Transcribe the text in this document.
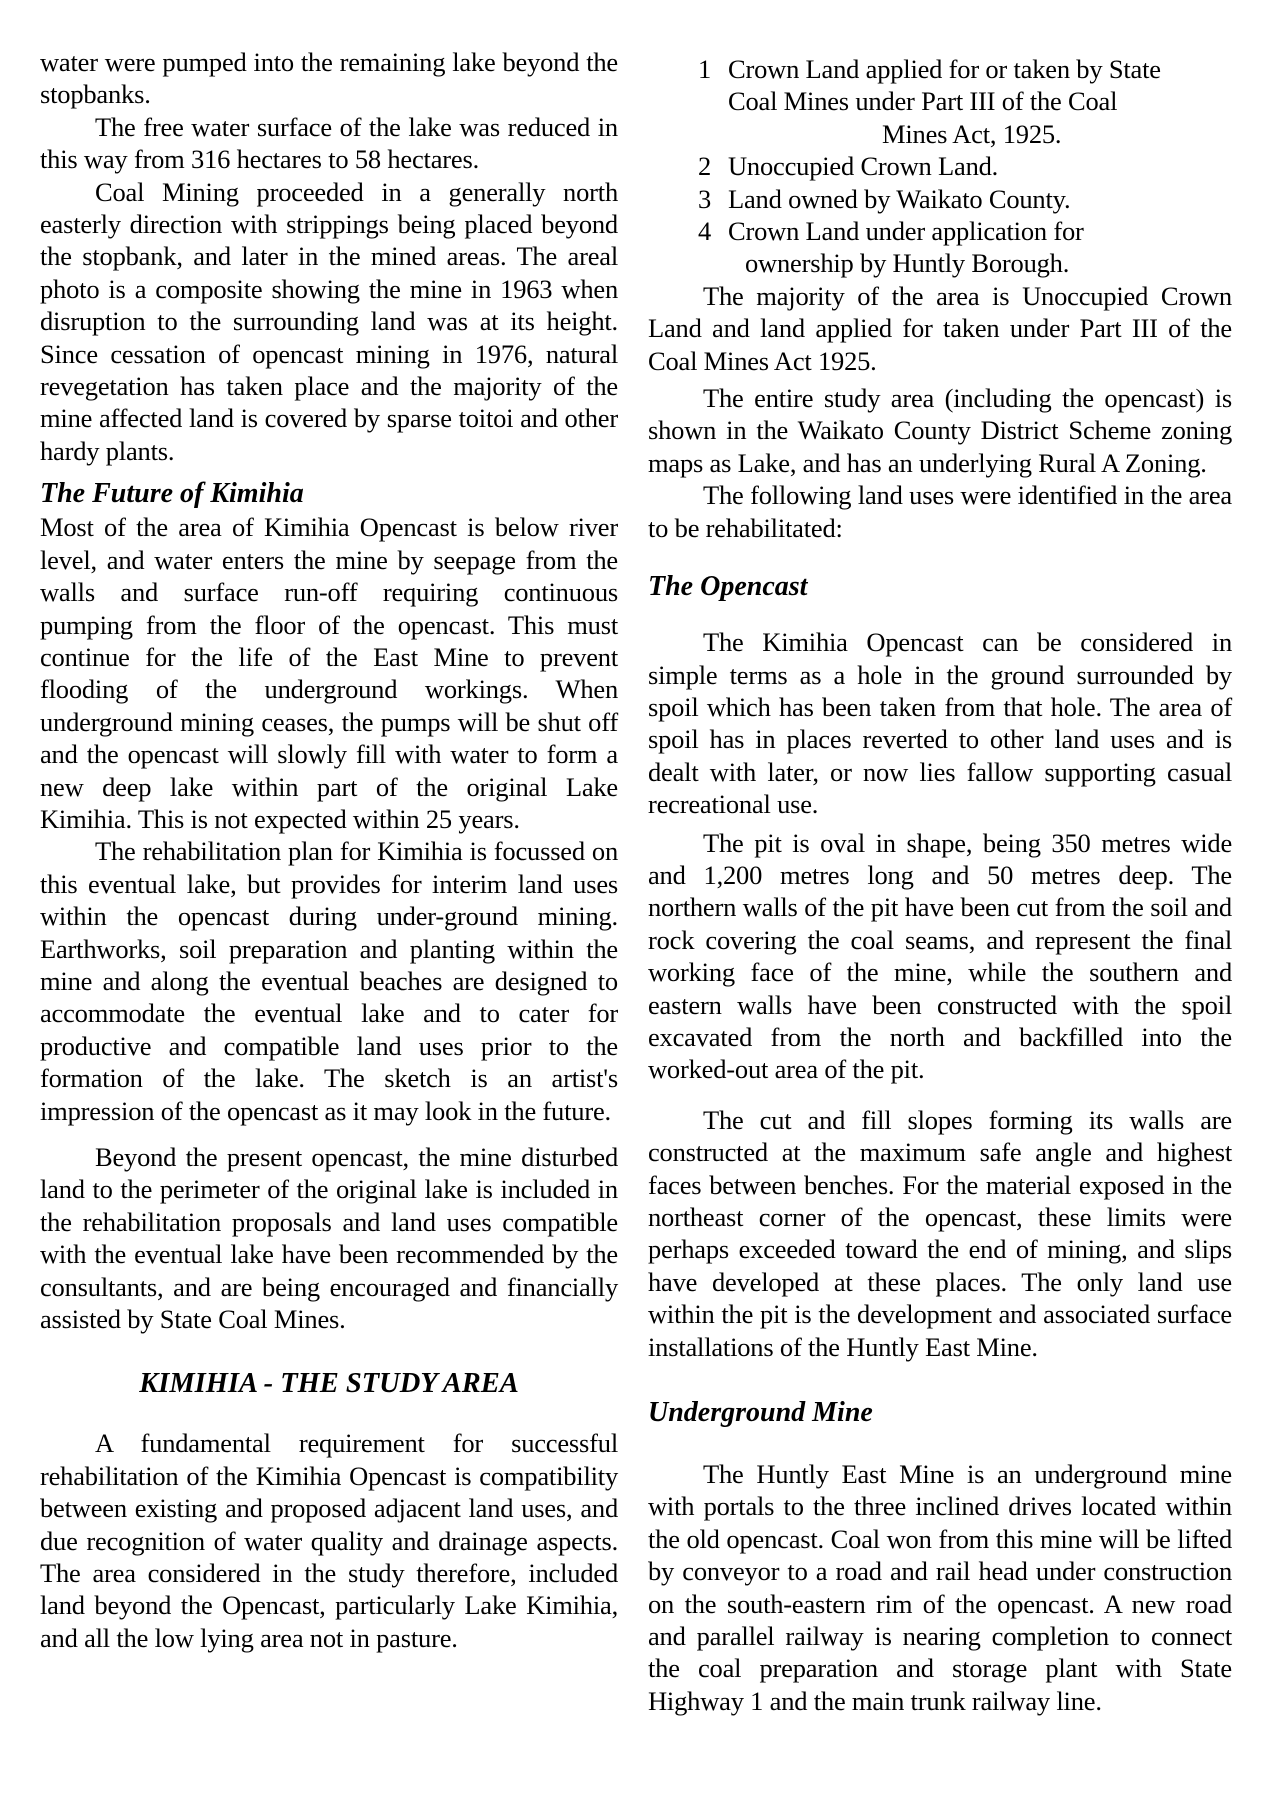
water were pumped into the remaining lake beyond the stopbanks.

The free water surface of the lake was reduced in this way from 316 hectares to 58 hectares.

Coal Mining proceeded in a generally north easterly direction with strippings being placed beyond the stopbank, and later in the mined areas. The areal photo is a composite showing the mine in 1963 when disruption to the surrounding land was at its height. Since cessation of opencast mining in 1976, natural revegetation has taken place and the majority of the mine affected land is covered by sparse toitoi and other hardy plants.

The Future of Kimihia

Most of the area of Kimihia Opencast is below river level, and water enters the mine by seepage from the walls and surface run-off requiring continuous pumping from the floor of the opencast. This must continue for the life of the East Mine to prevent flooding of the underground workings. When underground mining ceases, the pumps will be shut off and the opencast will slowly fill with water to form a new deep lake within part of the original Lake Kimihia. This is not expected within 25 years.

The rehabilitation plan for Kimihia is focussed on this eventual lake, but provides for interim land uses within the opencast during under-ground mining. Earthworks, soil preparation and planting within the mine and along the eventual beaches are designed to accommodate the eventual lake and to cater for productive and compatible land uses prior to the formation of the lake. The sketch is an artist's impression of the opencast as it may look in the future.

Beyond the present opencast, the mine disturbed land to the perimeter of the original lake is included in the rehabilitation proposals and land uses compatible with the eventual lake have been recommended by the consultants, and are being encouraged and financially assisted by State Coal Mines.

KIMIHIA - THE STUDY AREA

A fundamental requirement for successful rehabilitation of the Kimihia Opencast is compatibility between existing and proposed adjacent land uses, and due recognition of water quality and drainage aspects. The area considered in the study therefore, included land beyond the Opencast, particularly Lake Kimihia, and all the low lying area not in pasture.

1 Crown Land applied for or taken by State
Coal Mines under Part III of the Coal
Mines Act, 1925.
2 Unoccupied Crown Land.
3 Land owned by Waikato County.
4 Crown Land under application for
ownership by Huntly Borough.

The majority of the area is Unoccupied Crown Land and land applied for taken under Part III of the Coal Mines Act 1925.

The entire study area (including the opencast) is shown in the Waikato County District Scheme zoning maps as Lake, and has an underlying Rural A Zoning.

The following land uses were identified in the area to be rehabilitated:

The Opencast

The Kimihia Opencast can be considered in simple terms as a hole in the ground surrounded by spoil which has been taken from that hole. The area of spoil has in places reverted to other land uses and is dealt with later, or now lies fallow supporting casual recreational use.

The pit is oval in shape, being 350 metres wide and 1,200 metres long and 50 metres deep. The northern walls of the pit have been cut from the soil and rock covering the coal seams, and represent the final working face of the mine, while the southern and eastern walls have been constructed with the spoil excavated from the north and backfilled into the worked-out area of the pit.

The cut and fill slopes forming its walls are constructed at the maximum safe angle and highest faces between benches. For the material exposed in the northeast corner of the opencast, these limits were perhaps exceeded toward the end of mining, and slips have developed at these places. The only land use within the pit is the development and associated surface installations of the Huntly East Mine.

Underground Mine

The Huntly East Mine is an underground mine with portals to the three inclined drives located within the old opencast. Coal won from this mine will be lifted by conveyor to a road and rail head under construction on the south-eastern rim of the opencast. A new road and parallel railway is nearing completion to connect the coal preparation and storage plant with State Highway 1 and the main trunk railway line.
